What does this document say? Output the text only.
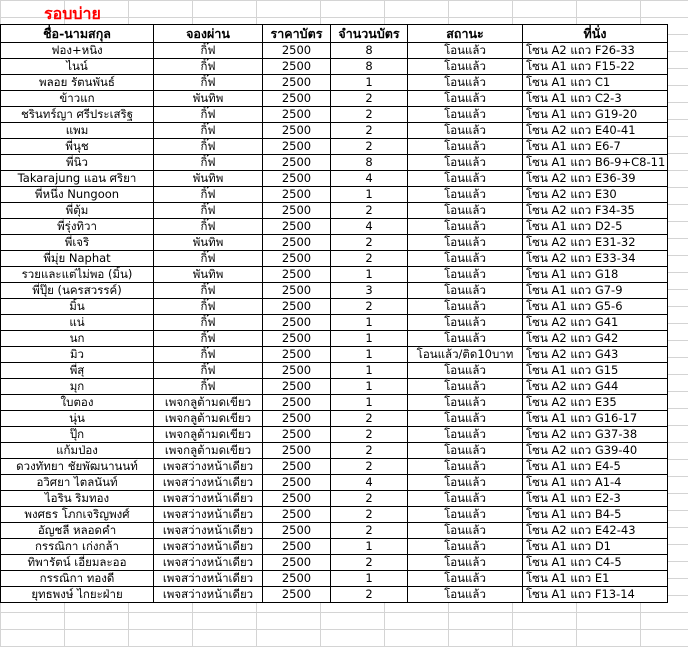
รอบบ่าย
ชื่อ-นามสกุล	จองผ่าน	ราคาบัตร	จำนวนบัตร	สถานะ	ที่นั่ง
ฟอง+หนิง	กิ๊ฟ	2500	8	โอนแล้ว	โซน A2 แถว F26-33
ไนน์	กิ๊ฟ	2500	8	โอนแล้ว	โซน A1 แถว F15-22
พลอย รัตนพันธ์	กิ๊ฟ	2500	1	โอนแล้ว	โซน A1 แถว C1
ข้าวแก	พันทิพ	2500	2	โอนแล้ว	โซน A1 แถว C2-3
ชรินทร์ญา ศรีประเสริฐ	กิ๊ฟ	2500	2	โอนแล้ว	โซน A1 แถว G19-20
แพม	กิ๊ฟ	2500	2	โอนแล้ว	โซน A2 แถว E40-41
พี่นุช	กิ๊ฟ	2500	2	โอนแล้ว	โซน A1 แถว E6-7
พี่นิว	กิ๊ฟ	2500	8	โอนแล้ว	โซน A1 แถว B6-9+C8-11
Takarajung แอน ศริยา	พันทิพ	2500	4	โอนแล้ว	โซน A2 แถว E36-39
พี่หนึ่ง Nungoon	กิ๊ฟ	2500	1	โอนแล้ว	โซน A2 แถว E30
พี่ตุ้ม	กิ๊ฟ	2500	2	โอนแล้ว	โซน A2 แถว F34-35
พี่รุ่งทิวา	กิ๊ฟ	2500	4	โอนแล้ว	โซน A1 แถว D2-5
พี่เจริ	พันทิพ	2500	2	โอนแล้ว	โซน A2 แถว E31-32
พี่มุ่ย Naphat	กิ๊ฟ	2500	2	โอนแล้ว	โซน A2 แถว E33-34
รวยและแต่ไม่พอ (มิ้น)	พันทิพ	2500	1	โอนแล้ว	โซน A1 แถว G18
พี่ปุ๊ย (นครสวรรค์)	กิ๊ฟ	2500	3	โอนแล้ว	โซน A1 แถว G7-9
มิ้น	กิ๊ฟ	2500	2	โอนแล้ว	โซน A1 แถว G5-6
แน่	กิ๊ฟ	2500	1	โอนแล้ว	โซน A2 แถว G41
นก	กิ๊ฟ	2500	1	โอนแล้ว	โซน A2 แถว G42
มิว	กิ๊ฟ	2500	1	โอนแล้ว/ติด10บาท	โซน A2 แถว G43
พี่สุ	กิ๊ฟ	2500	1	โอนแล้ว	โซน A1 แถว G15
มุก	กิ๊ฟ	2500	1	โอนแล้ว	โซน A2 แถว G44
ใบตอง	เพจกลูต้ามดเขียว	2500	1	โอนแล้ว	โซน A2 แถว E35
นุ่น	เพจกลูต้ามดเขียว	2500	2	โอนแล้ว	โซน A1 แถว G16-17
ปุ๊ก	เพจกลูต้ามดเขียว	2500	2	โอนแล้ว	โซน A2 แถว G37-38
แก้มป่อง	เพจกลูต้ามดเขียว	2500	2	โอนแล้ว	โซน A2 แถว G39-40
ดวงทัทยา ชัยพัฒนานนท์	เพจสว่างหน้าเดียว	2500	2	โอนแล้ว	โซน A1 แถว E4-5
อวิศยา ไตลนันท์	เพจสว่างหน้าเดียว	2500	4	โอนแล้ว	โซน A1 แถว A1-4
ไอริน ริมทอง	เพจสว่างหน้าเดียว	2500	2	โอนแล้ว	โซน A1 แถว E2-3
พงศธร โภกเจริญพงศ์	เพจสว่างหน้าเดียว	2500	2	โอนแล้ว	โซน A1 แถว B4-5
อัญชลี หลอดคำ	เพจสว่างหน้าเดียว	2500	2	โอนแล้ว	โซน A2 แถว E42-43
กรรณิกา เก่งกล้า	เพจสว่างหน้าเดียว	2500	1	โอนแล้ว	โซน A1 แถว D1
ทิพารัตน์ เอี่ยมละออ	เพจสว่างหน้าเดียว	2500	2	โอนแล้ว	โซน A1 แถว C4-5
กรรณิกา ทองดี	เพจสว่างหน้าเดียว	2500	1	โอนแล้ว	โซน A1 แถว E1
ยุทธพงษ์ ไกยะฝ่าย	เพจสว่างหน้าเดียว	2500	2	โอนแล้ว	โซน A1 แถว F13-14
